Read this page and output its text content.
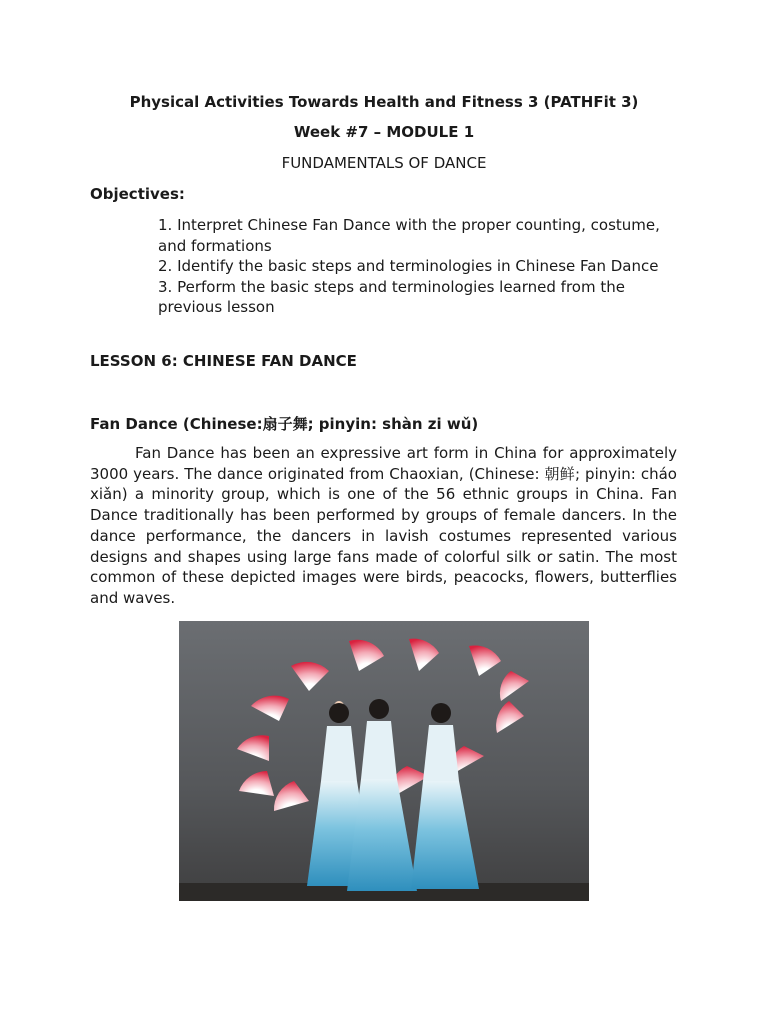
Physical Activities Towards Health and Fitness 3 (PATHFit 3)
Week #7 – MODULE 1
FUNDAMENTALS OF DANCE
Objectives:
1. Interpret Chinese Fan Dance with the proper counting, costume, and formations
2. Identify the basic steps and terminologies in Chinese Fan Dance
3. Perform the basic steps and terminologies learned from the previous lesson
LESSON 6: CHINESE FAN DANCE
Fan Dance (Chinese:扇子舞; pinyin: shàn zi wǔ)

Fan Dance has been an expressive art form in China for approximately 3000 years. The dance originated from Chaoxian, (Chinese: 朝鲜; pinyin: cháo xiǎn) a minority group, which is one of the 56 ethnic groups in China. Fan Dance traditionally has been performed by groups of female dancers. In the dance performance, the dancers in lavish costumes represented various designs and shapes using large fans made of colorful silk or satin. The most common of these depicted images were birds, peacocks, flowers, butterflies and waves.
